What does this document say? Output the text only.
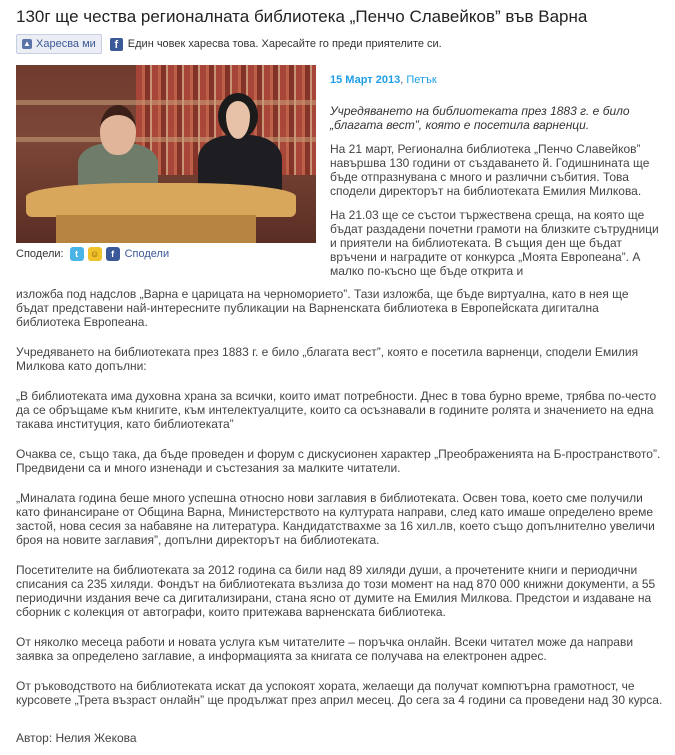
130г ще чества регионалната библиотека „Пенчо Славейков” във Варна
▲ Харесва ми	f Един човек харесва това. Харесайте го преди приятелите си.
Сподели:	t	☺	f Сподели
15 Март 2013, Петък

Учредяването на библиотеката през 1883 г. е било „благата вест”, която е посетила варненци.

На 21 март, Регионална библиотека „Пенчо Славейков” навършва 130 години от създаването й. Годишнината ще бъде отпразнувана с много и различни събития. Това сподели директорът на библиотеката Емилия Милкова.

На 21.03 ще се състои тържествена среща, на която ще бъдат раздадени почетни грамоти на близките сътрудници и приятели на библиотеката. В същия ден ще бъдат връчени и наградите от конкурса „Моята Европеана”. А малко по-късно ще бъде открита и

изложба под надслов „Варна е царицата на черноморието”. Тази изложба, ще бъде виртуална, като в нея ще бъдат представени най-интересните публикации на Варненската библиотека в Европейската дигитална библиотека Европеана.

Учредяването на библиотеката през 1883 г. е било „благата вест”, която е посетила варненци, сподели Емилия Милкова като допълни:

„В библиотеката има духовна храна за всички, които имат потребности. Днес в това бурно време, трябва по-често да се обръщаме към книгите, към интелектуалците, които са осъзнавали в годините ролята и значението на една такава институция, като библиотеката”

Очаква се, също така, да бъде проведен и форум с дискусионен характер „Преображенията на Б-пространството”. Предвидени са и много изненади и състезания за малките читатели.

„Миналата година беше много успешна относно нови заглавия в библиотеката. Освен това, което сме получили като финансиране от Община Варна, Министерството на културата направи, след като имаше определено време застой, нова сесия за набавяне на литература. Кандидатствахме за 16 хил.лв, което също допълнително увеличи броя на новите заглавия”, допълни директорът на библиотеката.

Посетителите на библиотеката за 2012 година са били над 89 хиляди души, а прочетените книги и периодични списания са 235 хиляди. Фондът на библиотеката възлиза до този момент на над 870 000 книжни документи, а 55 периодични издания вече са дигитализирани, стана ясно от думите на Емилия Милкова. Предстои и издаване на сборник с колекция от автографи, които притежава варненската библиотека.

От няколко месеца работи и новата услуга към читателите – поръчка онлайн. Всеки читател може да направи заявка за определено заглавие, а информацията за книгата се получава на електронен адрес.

От ръководството на библиотеката искат да успокоят хората, желаещи да получат компютърна грамотност, че курсовете „Трета възраст онлайн” ще продължат през април месец. До сега за 4 години са проведени над 30 курса.

Автор: Нелия Жекова
